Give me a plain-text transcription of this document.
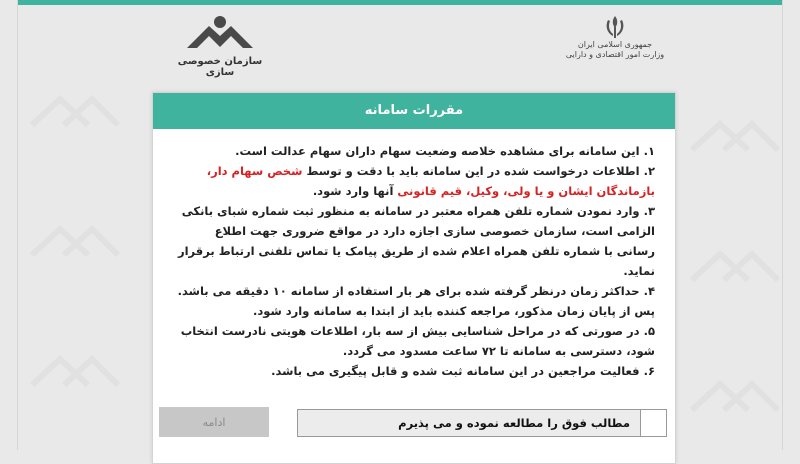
جمهوری اسلامی ایران
وزارت امور اقتصادی و دارایی
سازمان خصوصی سازی
مقررات سامانه

۱. این سامانه برای مشاهده خلاصه وضعیت سهام داران سهام عدالت است.

۲. اطلاعات درخواست شده در این سامانه باید با دقت و توسط شخص سهام دار، بازماندگان ایشان و یا ولی، وکیل، قیم قانونی آنها وارد شود.

۳. وارد نمودن شماره تلفن همراه معتبر در سامانه به منظور ثبت شماره شبای بانکی الزامی است، سازمان خصوصی سازی اجازه دارد در مواقع ضروری جهت اطلاع رسانی با شماره تلفن همراه اعلام شده از طریق پیامک یا تماس تلفنی ارتباط برقرار نماید.

۴. حداکثر زمان درنظر گرفته شده برای هر بار استفاده از سامانه ۱۰ دقیقه می باشد. پس از پایان زمان مذکور، مراجعه کننده باید از ابتدا به سامانه وارد شود.

۵. در صورتی که در مراحل شناسایی بیش از سه بار، اطلاعات هویتی نادرست انتخاب شود، دسترسی به سامانه تا ۷۲ ساعت مسدود می گردد.

۶. فعالیت مراجعین در این سامانه ثبت شده و قابل پیگیری می باشد.

مطالب فوق را مطالعه نموده و می پذیرم
ادامه
